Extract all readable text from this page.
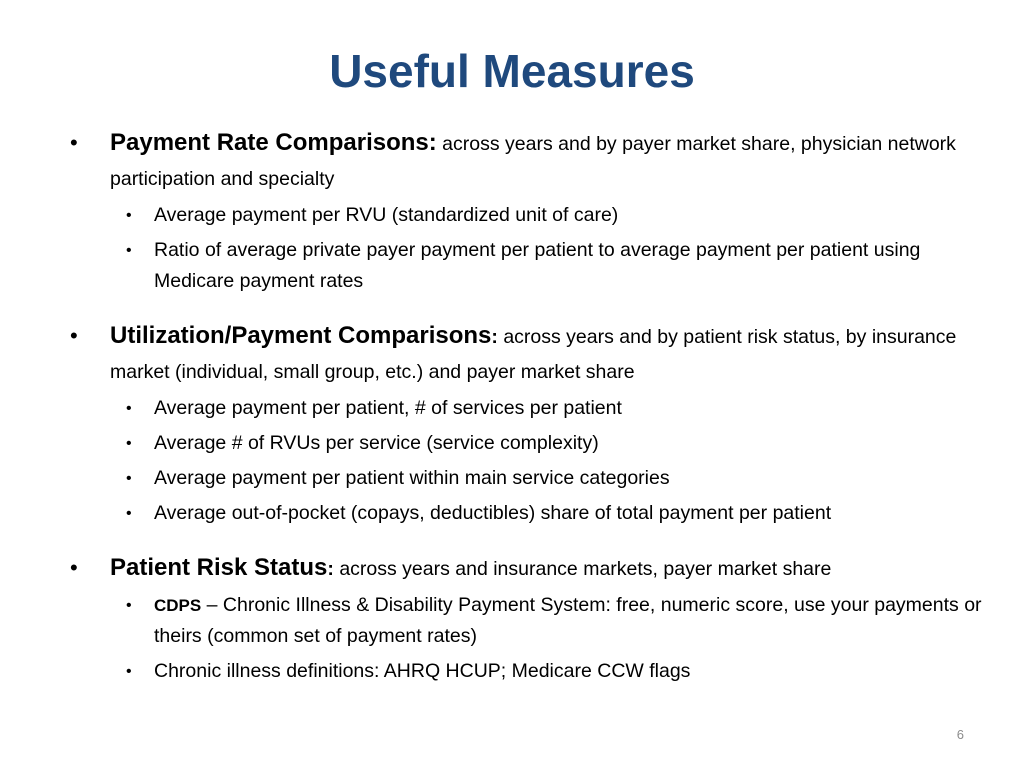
Useful Measures
• Payment Rate Comparisons: across years and by payer market share, physician network participation and specialty
• Average payment per RVU (standardized unit of care)
• Ratio of average private payer payment per patient to average payment per patient using Medicare payment rates
• Utilization/Payment Comparisons: across years and by patient risk status, by insurance market (individual, small group, etc.) and payer market share
• Average payment per patient, # of services per patient
• Average # of RVUs per service (service complexity)
• Average payment per patient within main service categories
• Average out-of-pocket (copays, deductibles) share of total payment per patient
• Patient Risk Status: across years and insurance markets, payer market share
• CDPS – Chronic Illness & Disability Payment System: free, numeric score, use your payments or theirs (common set of payment rates)
• Chronic illness definitions: AHRQ HCUP; Medicare CCW flags
6
